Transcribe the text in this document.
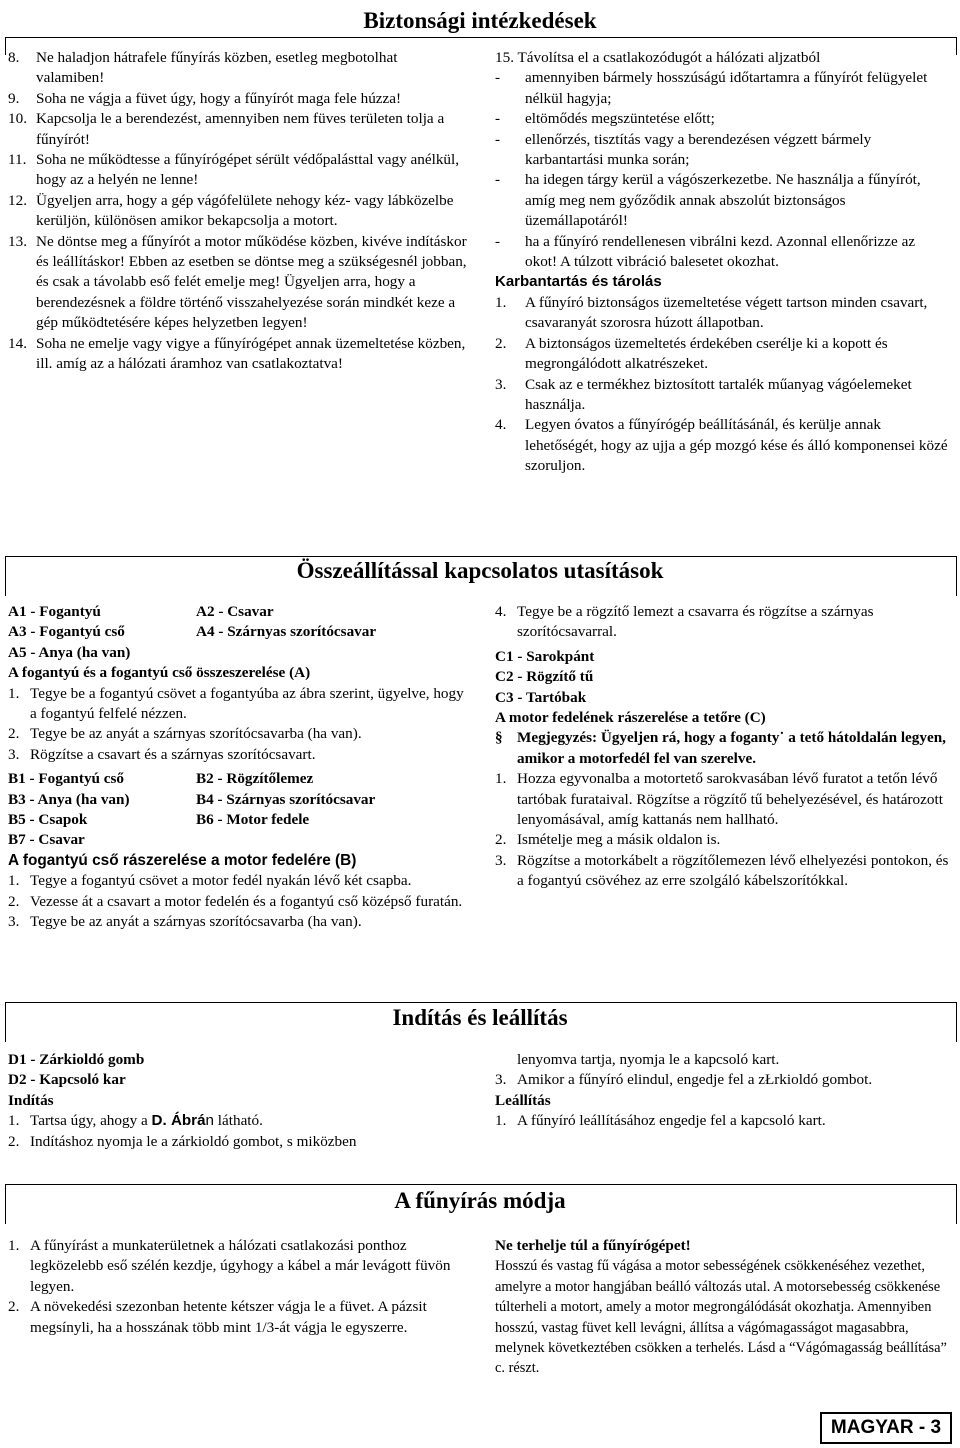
Biztonsági intézkedések
8.	Ne haladjon hátrafele fűnyírás közben, esetleg megbotolhat valamiben!
9.	Soha ne vágja a füvet úgy, hogy a fűnyírót maga fele húzza!
10. Kapcsolja le a berendezést, amennyiben nem füves területen tolja a fűnyírót!
11. Soha ne működtesse a fűnyírógépet sérült védőpalásttal vagy anélkül, hogy az a helyén ne lenne!
12. Ügyeljen arra, hogy a gép vágófelülete nehogy kéz- vagy lábközelbe kerüljön, különösen amikor bekapcsolja a motort.
13. Ne döntse meg a fűnyírót a motor működése közben, kivéve indításkor és leállításkor! Ebben az esetben se döntse meg a szükségesnél jobban, és csak a távolabb eső felét emelje meg! Ügyeljen arra, hogy a berendezésnek a földre történő visszahelyezése során mindkét keze a gép működtetésére képes helyzetben legyen!
14. Soha ne emelje vagy vigye a fűnyírógépet annak üzemeltetése közben, ill. amíg az a hálózati áramhoz van csatlakoztatva!

15. Távolítsa el a csatlakozódugót a hálózati aljzatból

-	amennyiben bármely hosszúságú időtartamra a fűnyírót felügyelet nélkül hagyja;
-	eltömődés megszüntetése előtt;
-	ellenőrzés, tisztítás vagy a berendezésen végzett bármely karbantartási munka során;
-	ha idegen tárgy kerül a vágószerkezetbe. Ne használja a fűnyírót, amíg meg nem győződik annak abszolút biztonságos üzemállapotáról!
-	ha a fűnyíró rendellenesen vibrálni kezd. Azonnal ellenőrizze az okot! A túlzott vibráció balesetet okozhat.

Karbantartás és tárolás

1.	A fűnyíró biztonságos üzemeltetése végett tartson minden csavart, csavaranyát szorosra húzott állapotban.
2.	A biztonságos üzemeltetés érdekében cserélje ki a kopott és megrongálódott alkatrészeket.
3.	Csak az e termékhez biztosított tartalék műanyag vágóelemeket használja.
4.	Legyen óvatos a fűnyírógép beállításánál, és kerülje annak lehetőségét, hogy az ujja a gép mozgó kése és álló komponensei közé szoruljon.
Összeállítással kapcsolatos utasítások
A1 - Fogantyú	A2 - Csavar
A3 - Fogantyú cső	A4 - Szárnyas szorítócsavar
A5 - Anya (ha van)

A fogantyú és a fogantyú cső összeszerelése (A)

1. Tegye be a fogantyú csövet a fogantyúba az ábra szerint, ügyelve, hogy a fogantyú felfelé nézzen.
2. Tegye be az anyát a szárnyas szorítócsavarba (ha van).
3. Rögzítse a csavart és a szárnyas szorítócsavart.
B1 - Fogantyú cső	B2 - Rögzítőlemez
B3 - Anya (ha van)	B4 - Szárnyas szorítócsavar
B5 - Csapok	B6 - Motor fedele
B7 - Csavar

A fogantyú cső rászerelése a motor fedelére (B)

1. Tegye a fogantyú csövet a motor fedél nyakán lévő két csapba.
2. Vezesse át a csavart a motor fedelén és a fogantyú cső középső furatán.
3. Tegye be az anyát a szárnyas szorítócsavarba (ha van).
4. Tegye be a rögzítő lemezt a csavarra és rögzítse a szárnyas szorítócsavarral.
C1 - Sarokpánt
C2 - Rögzítő tű
C3 - Tartóbak

A motor fedelének rászerelése a tetőre (C)

§ Megjegyzés: Ügyeljen rá, hogy a foganty˙ a tető hátoldalán legyen, amikor a motorfedél fel van szerelve.
1. Hozza egyvonalba a motortető sarokvasában lévő furatot a tetőn lévő tartóbak furataival. Rögzítse a rögzítő tű behelyezésével, és határozott lenyomásával, amíg kattanás nem hallható.
2. Ismételje meg a másik oldalon is.
3. Rögzítse a motorkábelt a rögzítőlemezen lévő elhelyezési pontokon, és a fogantyú csövéhez az erre szolgáló kábelszorítókkal.
Indítás és leállítás

D1 - Zárkioldó gomb

D2 - Kapcsoló kar

Indítás

1. Tartsa úgy, ahogy a D. Ábrán látható.
2. Indításhoz nyomja le a zárkioldó gombot, s miközben

lenyomva tartja, nyomja le a kapcsoló kart.

3. Amikor a fűnyíró elindul, engedje fel a zŁrkioldó gombot.

Leállítás

1. A fűnyíró leállításához engedje fel a kapcsoló kart.
A fűnyírás módja
1. A fűnyírást a munkaterületnek a hálózati csatlakozási ponthoz legközelebb eső szélén kezdje, úgyhogy a kábel a már levágott füvön legyen.
2. A növekedési szezonban hetente kétszer vágja le a füvet. A pázsit megsínyli, ha a hosszának több mint 1/3-át vágja le egyszerre.

Ne terhelje túl a fűnyírógépet!

Hosszú és vastag fű vágása a motor sebességének csökkenéséhez vezethet, amelyre a motor hangjában beálló változás utal. A motorsebesség csökkenése túlterheli a motort, amely a motor megrongálódását okozhatja. Amennyiben hosszú, vastag füvet kell levágni, állítsa a vágómagasságot magasabbra, melynek következtében csökken a terhelés. Lásd a “Vágómagasság beállítása” c. részt.

MAGYAR - 3
